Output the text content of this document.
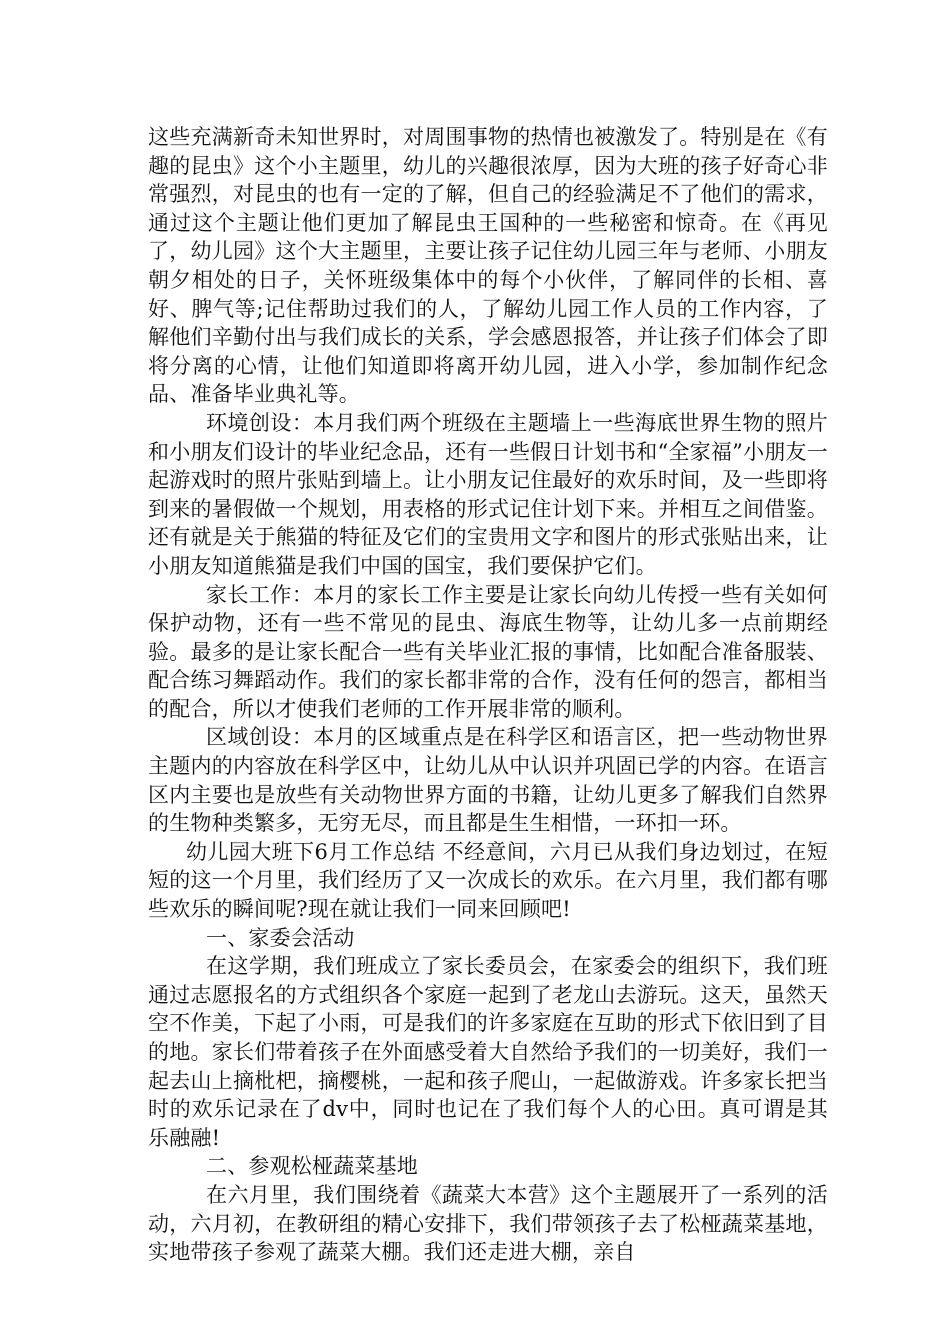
这些充满新奇未知世界时，对周围事物的热情也被激发了。特别是在《有趣的昆虫》这个小主题里，幼儿的兴趣很浓厚，因为大班的孩子好奇心非常强烈，对昆虫的也有一定的了解，但自己的经验满足不了他们的需求，通过这个主题让他们更加了解昆虫王国种的一些秘密和惊奇。在《再见了，幼儿园》这个大主题里，主要让孩子记住幼儿园三年与老师、小朋友朝夕相处的日子，关怀班级集体中的每个小伙伴，了解同伴的长相、喜好、脾气等;记住帮助过我们的人，了解幼儿园工作人员的工作内容，了解他们辛勤付出与我们成长的关系，学会感恩报答，并让孩子们体会了即将分离的心情，让他们知道即将离开幼儿园，进入小学，参加制作纪念品、准备毕业典礼等。

环境创设：本月我们两个班级在主题墙上一些海底世界生物的照片和小朋友们设计的毕业纪念品，还有一些假日计划书和“全家福”小朋友一起游戏时的照片张贴到墙上。让小朋友记住最好的欢乐时间，及一些即将到来的暑假做一个规划，用表格的形式记住计划下来。并相互之间借鉴。还有就是关于熊猫的特征及它们的宝贵用文字和图片的形式张贴出来，让小朋友知道熊猫是我们中国的国宝，我们要保护它们。

家长工作：本月的家长工作主要是让家长向幼儿传授一些有关如何保护动物，还有一些不常见的昆虫、海底生物等，让幼儿多一点前期经验。最多的是让家长配合一些有关毕业汇报的事情，比如配合准备服装、配合练习舞蹈动作。我们的家长都非常的合作，没有任何的怨言，都相当的配合，所以才使我们老师的工作开展非常的顺利。

区域创设：本月的区域重点是在科学区和语言区，把一些动物世界主题内的内容放在科学区中，让幼儿从中认识并巩固已学的内容。在语言区内主要也是放些有关动物世界方面的书籍，让幼儿更多了解我们自然界的生物种类繁多，无穷无尽，而且都是生生相惜，一环扣一环。

幼儿园大班下6月工作总结 不经意间，六月已从我们身边划过，在短短的这一个月里，我们经历了又一次成长的欢乐。在六月里，我们都有哪些欢乐的瞬间呢?现在就让我们一同来回顾吧!

一、家委会活动

在这学期，我们班成立了家长委员会，在家委会的组织下，我们班通过志愿报名的方式组织各个家庭一起到了老龙山去游玩。这天，虽然天空不作美，下起了小雨，可是我们的许多家庭在互助的形式下依旧到了目的地。家长们带着孩子在外面感受着大自然给予我们的一切美好，我们一起去山上摘枇杷，摘樱桃，一起和孩子爬山，一起做游戏。许多家长把当时的欢乐记录在了dv中，同时也记在了我们每个人的心田。真可谓是其乐融融!

二、参观松桠蔬菜基地

在六月里，我们围绕着《蔬菜大本营》这个主题展开了一系列的活动，六月初，在教研组的精心安排下，我们带领孩子去了松桠蔬菜基地，实地带孩子参观了蔬菜大棚。我们还走进大棚，亲自
